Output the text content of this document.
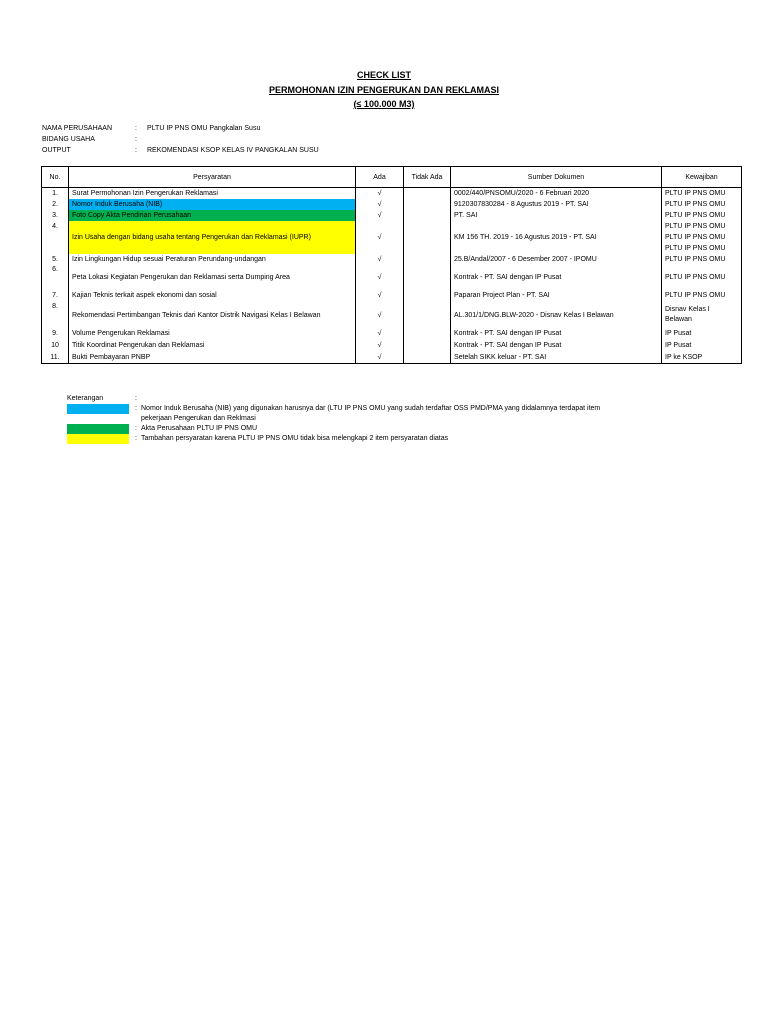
CHECK LIST
PERMOHONAN IZIN PENGERUKAN DAN REKLAMASI
(≤ 100.000 M3)
NAMA PERUSAHAAN	:	PLTU IP PNS OMU Pangkalan Susu
BIDANG USAHA	:
OUTPUT	:	REKOMENDASI KSOP KELAS IV PANGKALAN SUSU
No.	Persyaratan	Ada	Tidak Ada	Sumber Dokumen	Kewajiban
1.	Surat Permohonan Izin Pengerukan Reklamasi	√		0002/440/PNSOMU/2020 - 6 Februari 2020	PLTU IP PNS OMU
2.	Nomor Induk Berusaha (NIB)	√		9120307830284 - 8 Agustus 2019 - PT. SAI	PLTU IP PNS OMU
3.	Foto Copy Akta Pendirian Perusahaan	√		PT. SAI	PLTU IP PNS OMU
4.	Izin Usaha dengan bidang usaha tentang Pengerukan dan Reklamasi (IUPR)	√		KM 156 TH. 2019 - 16 Agustus 2019 - PT. SAI	PLTU IP PNS OMU
					PLTU IP PNS OMU
					PLTU IP PNS OMU
5.	Izin Lingkungan Hidup sesuai Peraturan Perundang-undangan	√		25.B/Andal/2007 - 6 Desember 2007 - IPOMU	PLTU IP PNS OMU
6.	Peta Lokasi Kegiatan Pengerukan dan Reklamasi serta Dumping Area	√		Kontrak - PT. SAI dengan IP Pusat	PLTU IP PNS OMU
7.	Kajian Teknis terkait aspek ekonomi dan sosial	√		Paparan Project Plan - PT. SAI	PLTU IP PNS OMU
8.	Rekomendasi Pertimbangan Teknis dari Kantor Distrik Navigasi Kelas I Belawan	√		AL.301/1/DNG.BLW-2020 - Disnav Kelas I Belawan	Disnav Kelas I
Belawan

9.	Volume Pengerukan Reklamasi	√		Kontrak - PT. SAI dengan IP Pusat	IP Pusat
10	Titik Koordinat Pengerukan dan Reklamasi	√		Kontrak - PT. SAI dengan IP Pusat	IP Pusat
11.	Bukti Pembayaran PNBP	√		Setelah SIKK keluar - PT. SAI	IP ke KSOP
Keterangan	:
: Nomor Induk Berusaha (NIB) yang digunakan harusnya dar (LTU IP PNS OMU yang sudah terdaftar OSS PMD/PMA yang didalamnya terdapat item pekerjaan Pengerukan dan Reklmasi
: Akta Perusahaan PLTU IP PNS OMU
: Tambahan persyaratan karena PLTU IP PNS OMU tidak bisa melengkapi 2 item persyaratan diatas
